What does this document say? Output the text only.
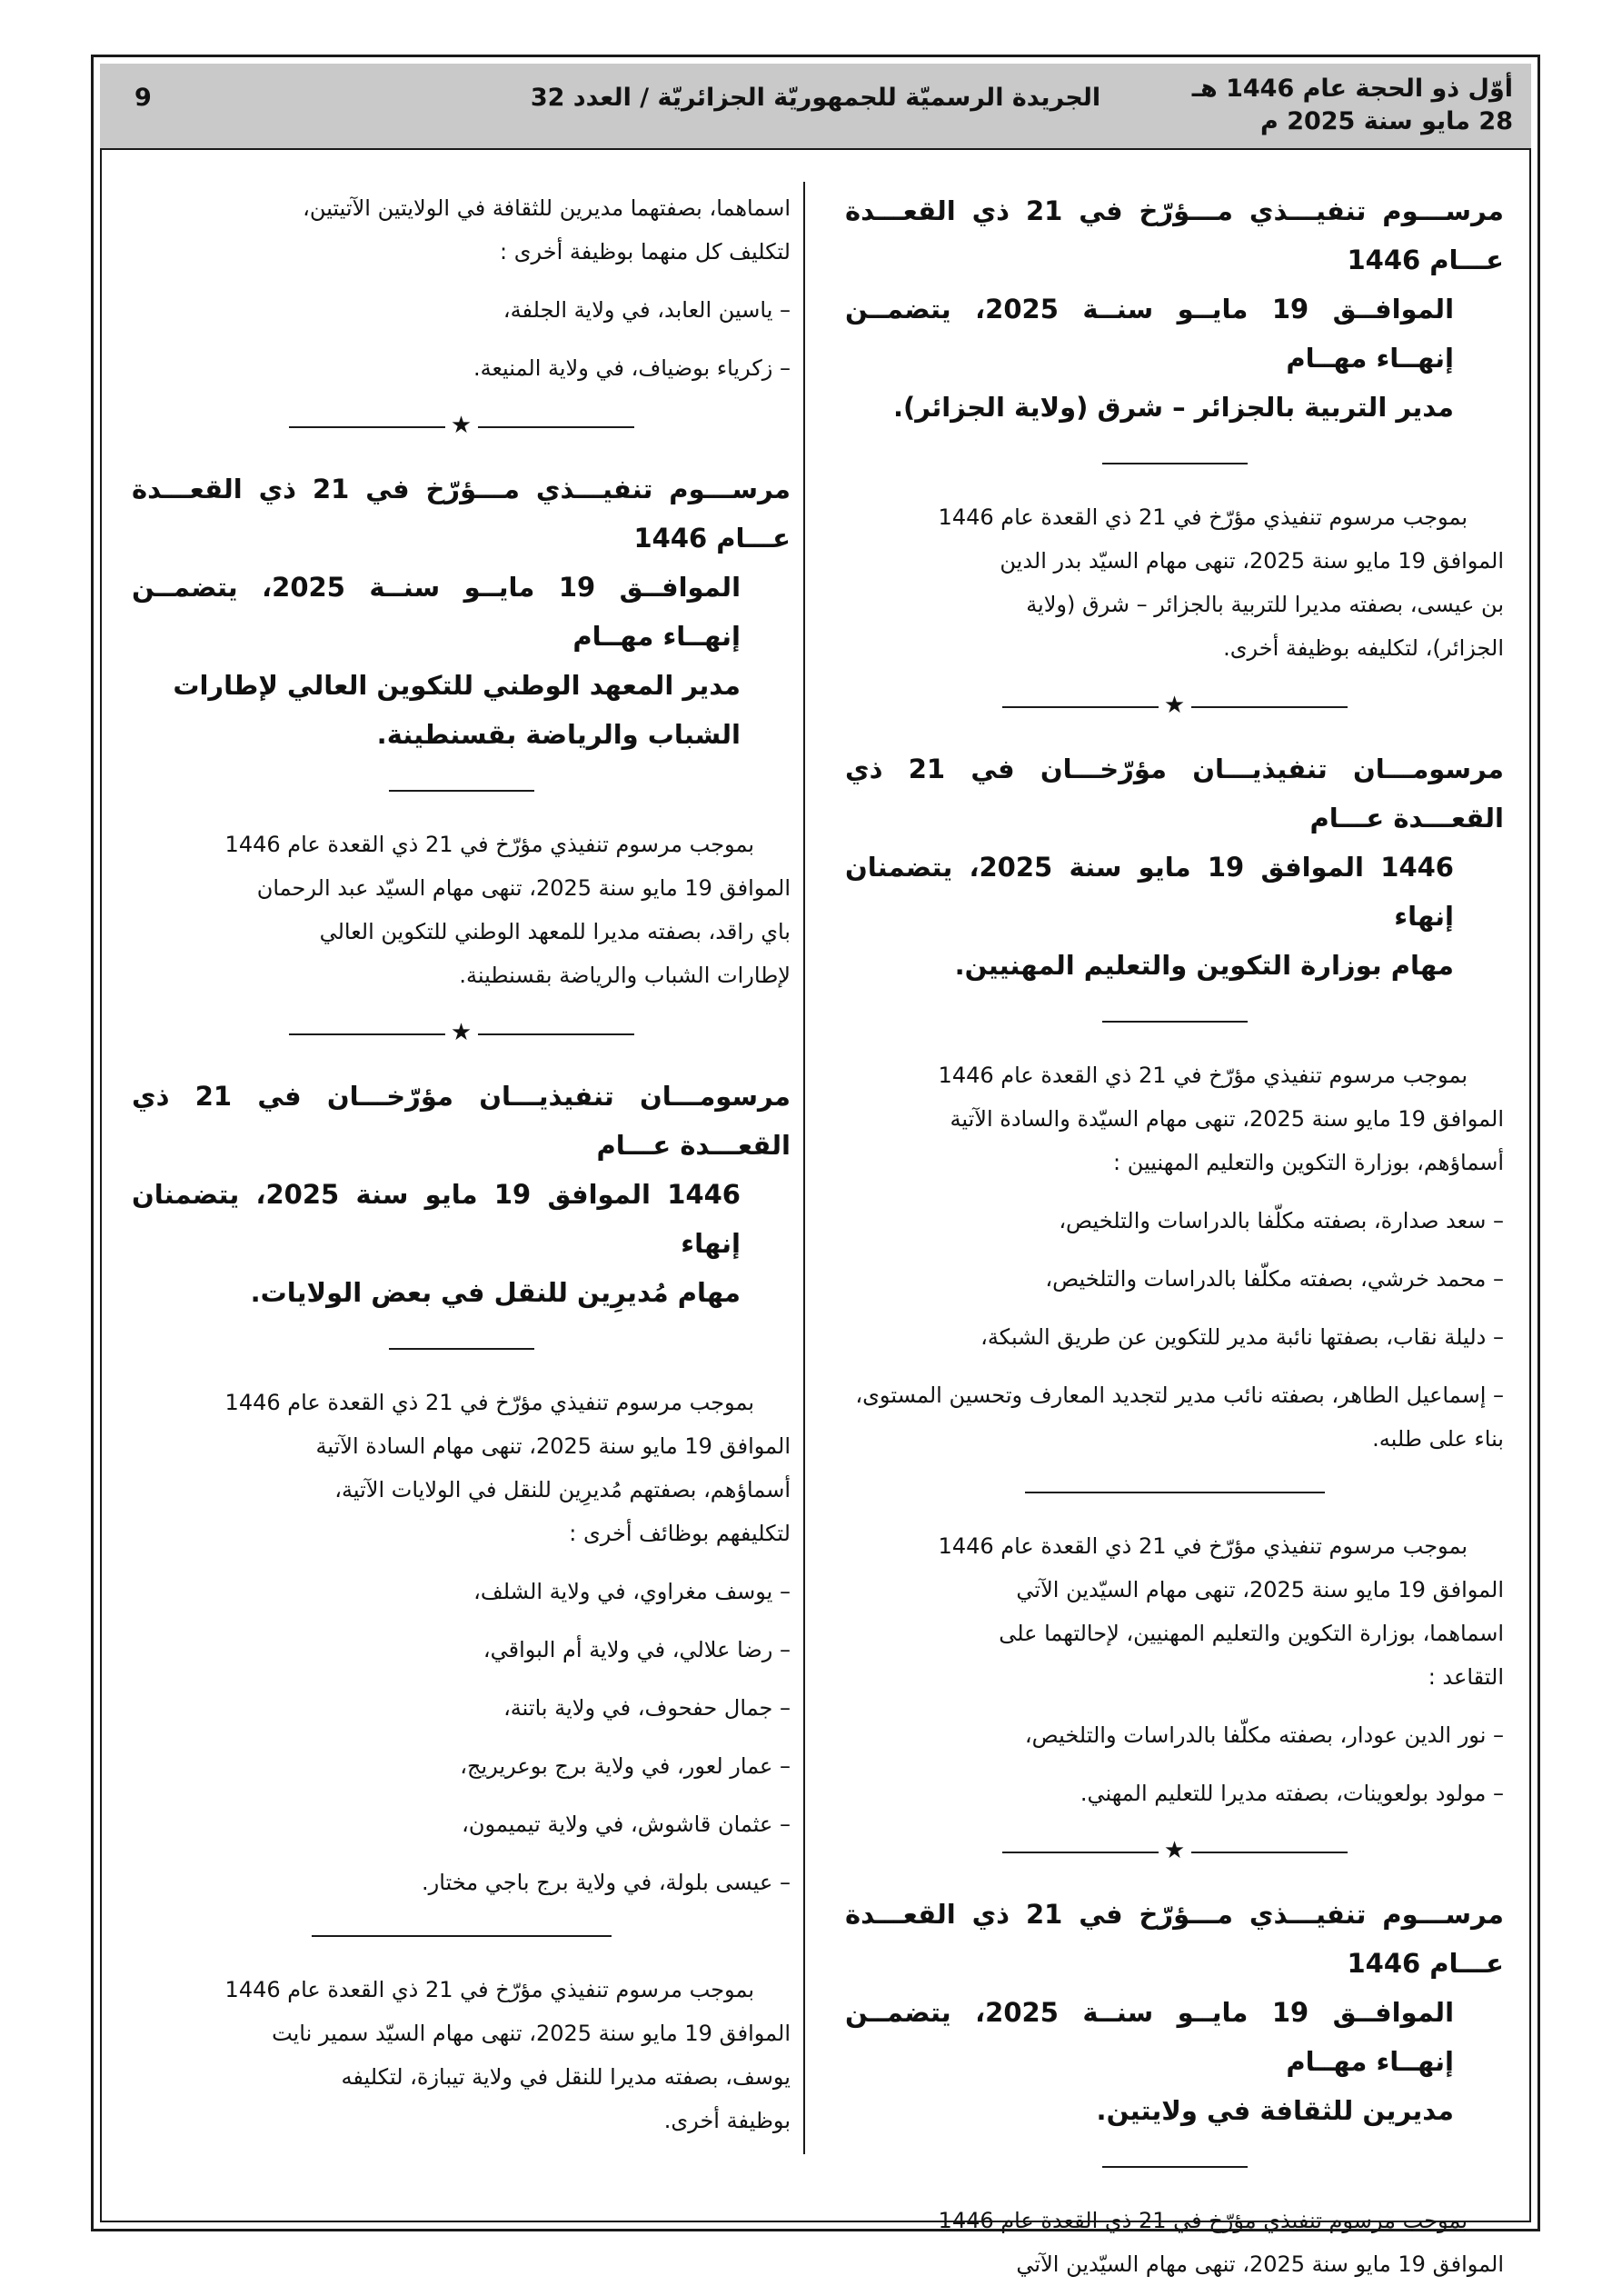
أوّل ذو الحجة عام 1446 هـ
28 مايو سنة 2025 م
الجريدة الرسميّة للجمهوريّة الجزائريّة / العدد 32
9
مرســـوم تنفيـــذي مـــؤرّخ في 21 ذي القعـــدة عـــام 1446
الموافــق 19 مايــو سنــة 2025، يتضمــن إنهــاء مهــام
مدير التربية بالجزائر – شرق (ولاية الجزائر).
بموجب مرسوم تنفيذي مؤرّخ في 21 ذي القعدة عام 1446
الموافق 19 مايو سنة 2025، تنهى مهام السيّد بدر الدين
بن عيسى، بصفته مديرا للتربية بالجزائر – شرق (ولاية
الجزائر)، لتكليفه بوظيفة أخرى.
★
مرسومـــان تنفيذيـــان مؤرّخـــان في 21 ذي القعـــدة عـــام
1446 الموافق 19 مايو سنة 2025، يتضمنان إنهاء
مهام بوزارة التكوين والتعليم المهنيين.
بموجب مرسوم تنفيذي مؤرّخ في 21 ذي القعدة عام 1446
الموافق 19 مايو سنة 2025، تنهى مهام السيّدة والسادة الآتية
أسماؤهم، بوزارة التكوين والتعليم المهنيين :
– سعد صدارة، بصفته مكلّفا بالدراسات والتلخيص،
– محمد خرشي، بصفته مكلّفا بالدراسات والتلخيص،
– دليلة نقاب، بصفتها نائبة مدير للتكوين عن طريق الشبكة،
– إسماعيل الطاهر، بصفته نائب مدير لتجديد المعارف وتحسين المستوى، بناء على طلبه.
بموجب مرسوم تنفيذي مؤرّخ في 21 ذي القعدة عام 1446
الموافق 19 مايو سنة 2025، تنهى مهام السيّدين الآتي
اسماهما، بوزارة التكوين والتعليم المهنيين، لإحالتهما على
التقاعد :
– نور الدين عودار، بصفته مكلّفا بالدراسات والتلخيص،
– مولود بولعوينات، بصفته مديرا للتعليم المهني.
★
مرســـوم تنفيـــذي مـــؤرّخ في 21 ذي القعـــدة عـــام 1446
الموافــق 19 مايــو سنــة 2025، يتضمــن إنهــاء مهــام
مديرين للثقافة في ولايتين.
بموجب مرسوم تنفيذي مؤرّخ في 21 ذي القعدة عام 1446
الموافق 19 مايو سنة 2025، تنهى مهام السيّدين الآتي
اسماهما، بصفتهما مديرين للثقافة في الولايتين الآتيتين،
لتكليف كل منهما بوظيفة أخرى :
– ياسين العابد، في ولاية الجلفة،
– زكرياء بوضياف، في ولاية المنيعة.
★
مرســـوم تنفيـــذي مـــؤرّخ في 21 ذي القعـــدة عـــام 1446
الموافــق 19 مايــو سنــة 2025، يتضمــن إنهــاء مهــام
مدير المعهد الوطني للتكوين العالي لإطارات
الشباب والرياضة بقسنطينة.
بموجب مرسوم تنفيذي مؤرّخ في 21 ذي القعدة عام 1446
الموافق 19 مايو سنة 2025، تنهى مهام السيّد عبد الرحمان
باي راقد، بصفته مديرا للمعهد الوطني للتكوين العالي
لإطارات الشباب والرياضة بقسنطينة.
★
مرسومـــان تنفيذيـــان مؤرّخـــان في 21 ذي القعـــدة عـــام
1446 الموافق 19 مايو سنة 2025، يتضمنان إنهاء
مهام مُديرِين للنقل في بعض الولايات.
بموجب مرسوم تنفيذي مؤرّخ في 21 ذي القعدة عام 1446
الموافق 19 مايو سنة 2025، تنهى مهام السادة الآتية
أسماؤهم، بصفتهم مُديرِين للنقل في الولايات الآتية،
لتكليفهم بوظائف أخرى :
– يوسف مغراوي، في ولاية الشلف،
– رضا علالي، في ولاية أم البواقي،
– جمال حفحوف، في ولاية باتنة،
– عمار لعور، في ولاية برج بوعريريج،
– عثمان قاشوش، في ولاية تيميمون،
– عيسى بلولة، في ولاية برج باجي مختار.
بموجب مرسوم تنفيذي مؤرّخ في 21 ذي القعدة عام 1446
الموافق 19 مايو سنة 2025، تنهى مهام السيّد سمير نايت
يوسف، بصفته مديرا للنقل في ولاية تيبازة، لتكليفه
بوظيفة أخرى.
